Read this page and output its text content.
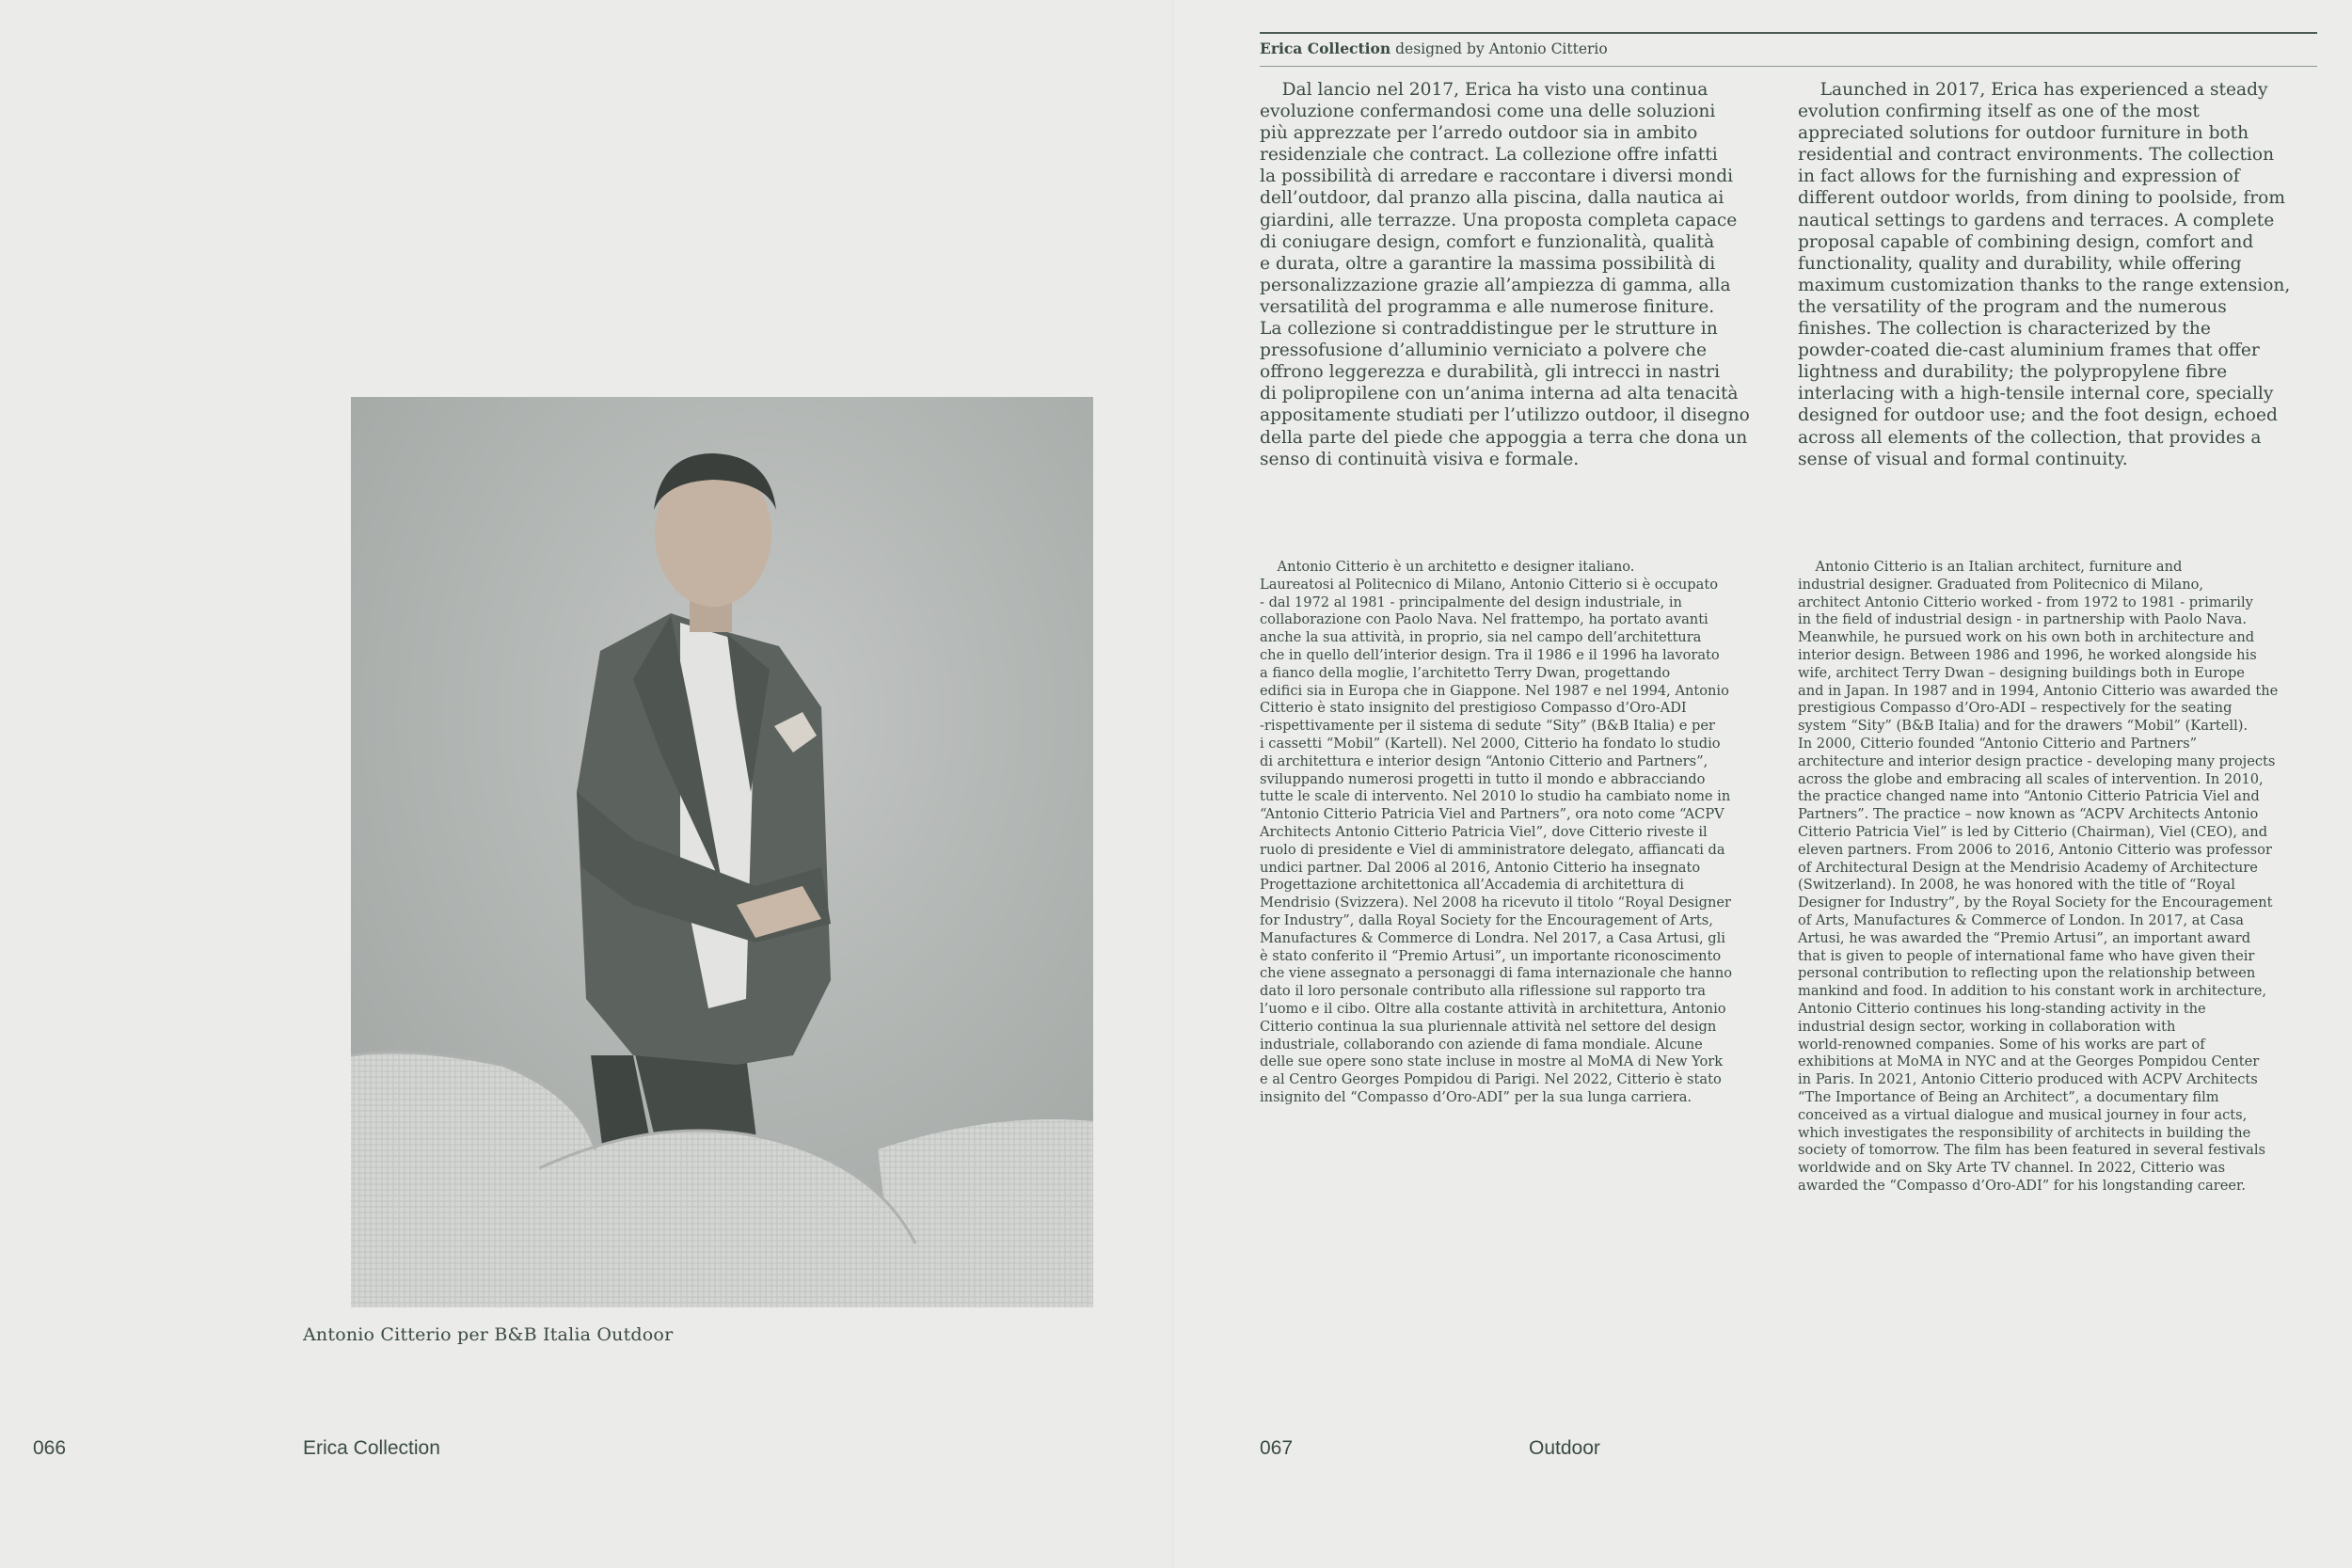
Antonio Citterio per B&B Italia Outdoor
066	Erica Collection
Erica Collection designed by Antonio Citterio
Dal lancio nel 2017, Erica ha visto una continua
evoluzione confermandosi come una delle soluzioni
più apprezzate per l’arredo outdoor sia in ambito
residenziale che contract. La collezione offre infatti
la possibilità di arredare e raccontare i diversi mondi
dell’outdoor, dal pranzo alla piscina, dalla nautica ai
giardini, alle terrazze. Una proposta completa capace
di coniugare design, comfort e funzionalità, qualità
e durata, oltre a garantire la massima possibilità di
personalizzazione grazie all’ampiezza di gamma, alla
versatilità del programma e alle numerose finiture.
La collezione si contraddistingue per le strutture in
pressofusione d’alluminio verniciato a polvere che
offrono leggerezza e durabilità, gli intrecci in nastri
di polipropilene con un’anima interna ad alta tenacità
appositamente studiati per l’utilizzo outdoor, il disegno
della parte del piede che appoggia a terra che dona un
senso di continuità visiva e formale.
Launched in 2017, Erica has experienced a steady
evolution confirming itself as one of the most
appreciated solutions for outdoor furniture in both
residential and contract environments. The collection
in fact allows for the furnishing and expression of
different outdoor worlds, from dining to poolside, from
nautical settings to gardens and terraces. A complete
proposal capable of combining design, comfort and
functionality, quality and durability, while offering
maximum customization thanks to the range extension,
the versatility of the program and the numerous
finishes. The collection is characterized by the
powder-coated die-cast aluminium frames that offer
lightness and durability; the polypropylene fibre
interlacing with a high-tensile internal core, specially
designed for outdoor use; and the foot design, echoed
across all elements of the collection, that provides a
sense of visual and formal continuity.
Antonio Citterio è un architetto e designer italiano.
Laureatosi al Politecnico di Milano, Antonio Citterio si è occupato
- dal 1972 al 1981 - principalmente del design industriale, in
collaborazione con Paolo Nava. Nel frattempo, ha portato avanti
anche la sua attività, in proprio, sia nel campo dell’architettura
che in quello dell’interior design. Tra il 1986 e il 1996 ha lavorato
a fianco della moglie, l’architetto Terry Dwan, progettando
edifici sia in Europa che in Giappone. Nel 1987 e nel 1994, Antonio
Citterio è stato insignito del prestigioso Compasso d’Oro-ADI
-rispettivamente per il sistema di sedute “Sity” (B&B Italia) e per
i cassetti “Mobil” (Kartell). Nel 2000, Citterio ha fondato lo studio
di architettura e interior design “Antonio Citterio and Partners”,
sviluppando numerosi progetti in tutto il mondo e abbracciando
tutte le scale di intervento. Nel 2010 lo studio ha cambiato nome in
“Antonio Citterio Patricia Viel and Partners”, ora noto come “ACPV
Architects Antonio Citterio Patricia Viel”, dove Citterio riveste il
ruolo di presidente e Viel di amministratore delegato, affiancati da
undici partner. Dal 2006 al 2016, Antonio Citterio ha insegnato
Progettazione architettonica all’Accademia di architettura di
Mendrisio (Svizzera). Nel 2008 ha ricevuto il titolo “Royal Designer
for Industry”, dalla Royal Society for the Encouragement of Arts,
Manufactures & Commerce di Londra. Nel 2017, a Casa Artusi, gli
è stato conferito il “Premio Artusi”, un importante riconoscimento
che viene assegnato a personaggi di fama internazionale che hanno
dato il loro personale contributo alla riflessione sul rapporto tra
l’uomo e il cibo. Oltre alla costante attività in architettura, Antonio
Citterio continua la sua pluriennale attività nel settore del design
industriale, collaborando con aziende di fama mondiale. Alcune
delle sue opere sono state incluse in mostre al MoMA di New York
e al Centro Georges Pompidou di Parigi. Nel 2022, Citterio è stato
insignito del “Compasso d’Oro-ADI” per la sua lunga carriera.
Antonio Citterio is an Italian architect, furniture and
industrial designer. Graduated from Politecnico di Milano,
architect Antonio Citterio worked - from 1972 to 1981 - primarily
in the field of industrial design - in partnership with Paolo Nava.
Meanwhile, he pursued work on his own both in architecture and
interior design. Between 1986 and 1996, he worked alongside his
wife, architect Terry Dwan – designing buildings both in Europe
and in Japan. In 1987 and in 1994, Antonio Citterio was awarded the
prestigious Compasso d’Oro-ADI – respectively for the seating
system “Sity” (B&B Italia) and for the drawers “Mobil” (Kartell).
In 2000, Citterio founded “Antonio Citterio and Partners”
architecture and interior design practice - developing many projects
across the globe and embracing all scales of intervention. In 2010,
the practice changed name into “Antonio Citterio Patricia Viel and
Partners”. The practice – now known as “ACPV Architects Antonio
Citterio Patricia Viel” is led by Citterio (Chairman), Viel (CEO), and
eleven partners. From 2006 to 2016, Antonio Citterio was professor
of Architectural Design at the Mendrisio Academy of Architecture
(Switzerland). In 2008, he was honored with the title of “Royal
Designer for Industry”, by the Royal Society for the Encouragement
of Arts, Manufactures & Commerce of London. In 2017, at Casa
Artusi, he was awarded the “Premio Artusi”, an important award
that is given to people of international fame who have given their
personal contribution to reflecting upon the relationship between
mankind and food. In addition to his constant work in architecture,
Antonio Citterio continues his long-standing activity in the
industrial design sector, working in collaboration with
world-renowned companies. Some of his works are part of
exhibitions at MoMA in NYC and at the Georges Pompidou Center
in Paris. In 2021, Antonio Citterio produced with ACPV Architects
“The Importance of Being an Architect”, a documentary film
conceived as a virtual dialogue and musical journey in four acts,
which investigates the responsibility of architects in building the
society of tomorrow. The film has been featured in several festivals
worldwide and on Sky Arte TV channel. In 2022, Citterio was
awarded the “Compasso d’Oro-ADI” for his longstanding career.
067	Outdoor
